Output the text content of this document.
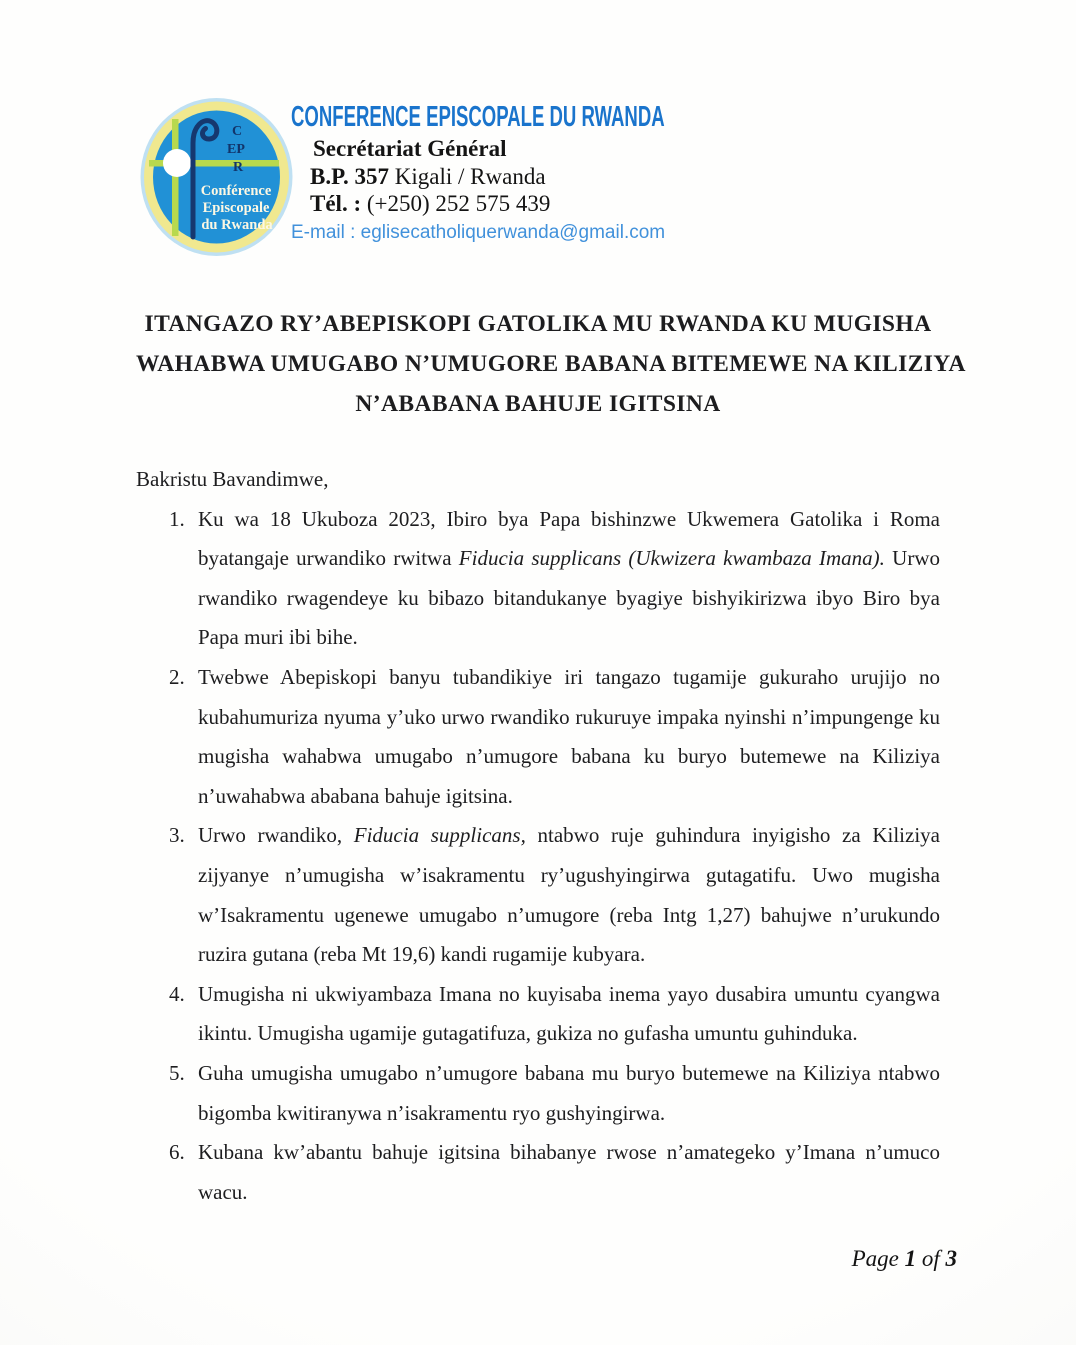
C
EP
R
Conférence
Episcopale
du Rwanda
CONFERENCE EPISCOPALE DU RWANDA
Secrétariat Général
B.P. 357 Kigali / Rwanda
Tél. : (+250) 252 575 439
E-mail : eglisecatholiquerwanda@gmail.com
ITANGAZO RY’ABEPISKOPI GATOLIKA MU RWANDA KU MUGISHA
WAHABWA UMUGABO N’UMUGORE BABANA BITEMEWE NA KILIZIYA
N’ABABANA BAHUJE IGITSINA

Bakristu Bavandimwe,

1. Ku wa 18 Ukuboza 2023, Ibiro bya Papa bishinzwe Ukwemera Gatolika i Roma byatangaje urwandiko rwitwa Fiducia supplicans (Ukwizera kwambaza Imana). Urwo rwandiko rwagendeye ku bibazo bitandukanye byagiye bishyikirizwa ibyo Biro bya Papa muri ibi bihe.
2. Twebwe Abepiskopi banyu tubandikiye iri tangazo tugamije gukuraho urujijo no kubahumuriza nyuma y’uko urwo rwandiko rukuruye impaka nyinshi n’impungenge ku mugisha wahabwa umugabo n’umugore babana ku buryo butemewe na Kiliziya n’uwahabwa ababana bahuje igitsina.
3. Urwo rwandiko, Fiducia supplicans, ntabwo ruje guhindura inyigisho za Kiliziya zijyanye n’umugisha w’isakramentu ry’ugushyingirwa gutagatifu. Uwo mugisha w’Isakramentu ugenewe umugabo n’umugore (reba Intg 1,27) bahujwe n’urukundo ruzira gutana (reba Mt 19,6) kandi rugamije kubyara.
4. Umugisha ni ukwiyambaza Imana no kuyisaba inema yayo dusabira umuntu cyangwa ikintu. Umugisha ugamije gutagatifuza, gukiza no gufasha umuntu guhinduka.
5. Guha umugisha umugabo n’umugore babana mu buryo butemewe na Kiliziya ntabwo bigomba kwitiranywa n’isakramentu ryo gushyingirwa.
6. Kubana kw’abantu bahuje igitsina bihabanye rwose n’amategeko y’Imana n’umuco wacu.
Page 1 of 3
